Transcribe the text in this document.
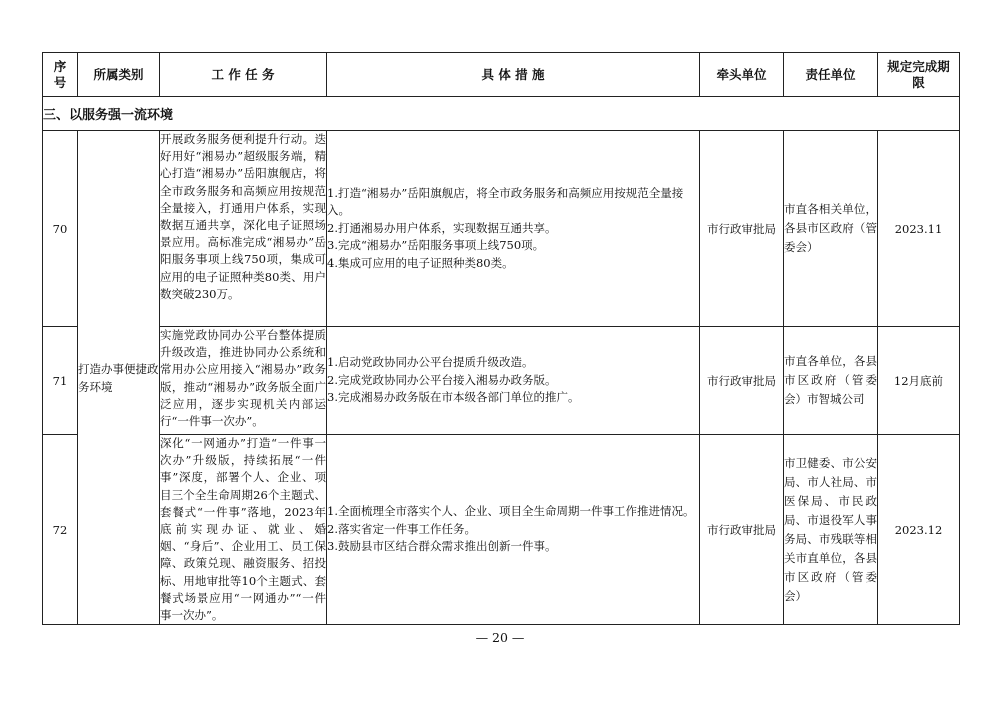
序号	所属类别	工 作 任 务	具 体 措 施	牵头单位	责任单位	规定完成期限
三、以服务强一流环境						
70	打造办事便捷政务环境	开展政务服务便利提升行动。迭好用好“湘易办”超级服务端，精心打造“湘易办”岳阳旗舰店，将全市政务服务和高频应用按规范全量接入，打通用户体系，实现数据互通共享，深化电子证照场景应用。高标准完成“湘易办”岳阳服务事项上线750项，集成可应用的电子证照种类80类、用户数突破230万。	1.打造“湘易办”岳阳旗舰店，将全市政务服务和高频应用按规范全量接入。
2.打通湘易办用户体系，实现数据互通共享。
3.完成“湘易办”岳阳服务事项上线750项。
4.集成可应用的电子证照种类80类。	市行政审批局	市直各相关单位，各县市区政府（管委会）	2023.11
71		实施党政协同办公平台整体提质升级改造，推进协同办公系统和常用办公应用接入“湘易办”政务版，推动“湘易办”政务版全面广泛应用，逐步实现机关内部运行“一件事一次办”。	1.启动党政协同办公平台提质升级改造。
2.完成党政协同办公平台接入湘易办政务版。
3.完成湘易办政务版在市本级各部门单位的推广。	市行政审批局	市直各单位，各县市区政府（管委会）市智城公司	12月底前
72		深化“一网通办”打造“一件事一次办”升级版，持续拓展“一件事”深度，部署个人、企业、项目三个全生命周期26个主题式、套餐式“一件事”落地，2023年底前实现办证、就业、婚姻、“身后”、企业用工、员工保障、政策兑现、融资服务、招投标、用地审批等10个主题式、套餐式场景应用“一网通办”“一件事一次办”。	1.全面梳理全市落实个人、企业、项目全生命周期一件事工作推进情况。
2.落实省定一件事工作任务。
3.鼓励县市区结合群众需求推出创新一件事。	市行政审批局	市卫健委、市公安局、市人社局、市医保局、市民政局、市退役军人事务局、市残联等相关市直单位，各县市区政府（管委会）	2023.12
— 20 —
